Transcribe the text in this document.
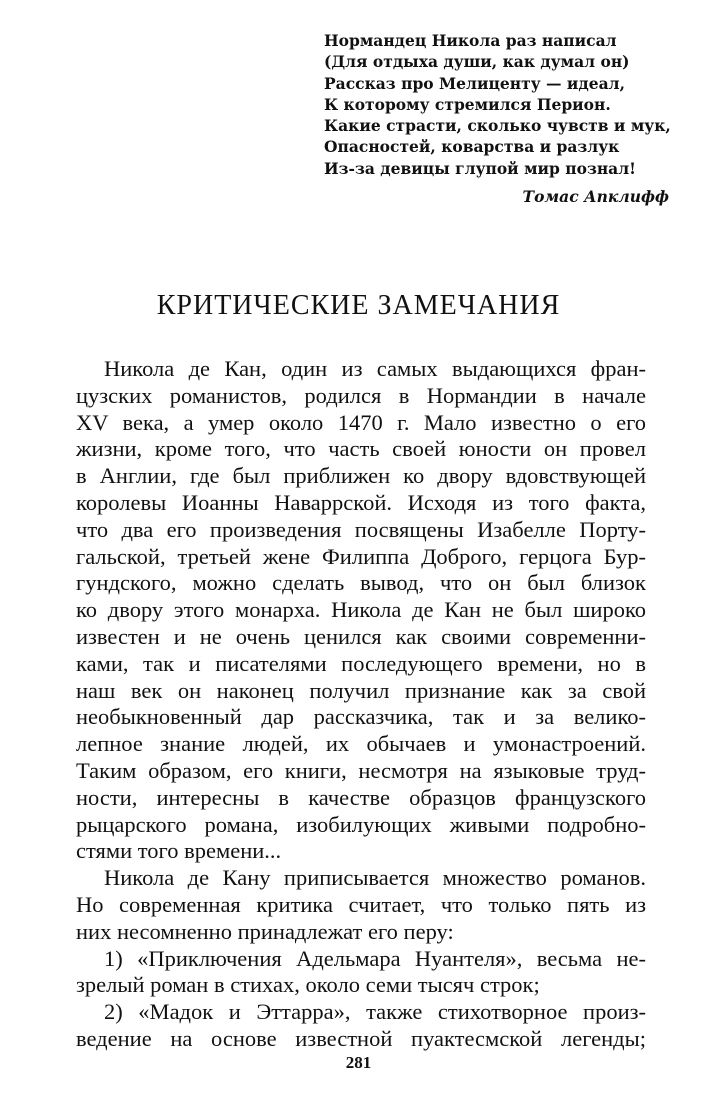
Нормандец Никола раз написал
(Для отдыха души, как думал он)
Рассказ про Мелиценту — идеал,
К которому стремился Перион.
Какие страсти, сколько чувств и мук,
Опасностей, коварства и разлук
Из-за девицы глупой мир познал!
Томас Апклифф
КРИТИЧЕСКИЕ ЗАМЕЧАНИЯ
Никола де Кан, один из самых выдающихся фран-
цузских романистов, родился в Нормандии в начале
XV века, а умер около 1470 г. Мало известно о его
жизни, кроме того, что часть своей юности он провел
в Англии, где был приближен ко двору вдовствующей
королевы Иоанны Наваррской. Исходя из того факта,
что два его произведения посвящены Изабелле Порту-
гальской, третьей жене Филиппа Доброго, герцога Бур-
гундского, можно сделать вывод, что он был близок
ко двору этого монарха. Никола де Кан не был широко
известен и не очень ценился как своими современни-
ками, так и писателями последующего времени, но в
наш век он наконец получил признание как за свой
необыкновенный дар рассказчика, так и за велико-
лепное знание людей, их обычаев и умонастроений.
Таким образом, его книги, несмотря на языковые труд-
ности, интересны в качестве образцов французского
рыцарского романа, изобилующих живыми подробно-
стями того времени...
Никола де Кану приписывается множество романов.
Но современная критика считает, что только пять из
них несомненно принадлежат его перу:
1) «Приключения Адельмара Нуантеля», весьма не-
зрелый роман в стихах, около семи тысяч строк;
2) «Мадок и Эттарра», также стихотворное произ-
ведение на основе известной пуактесмской легенды;
281
